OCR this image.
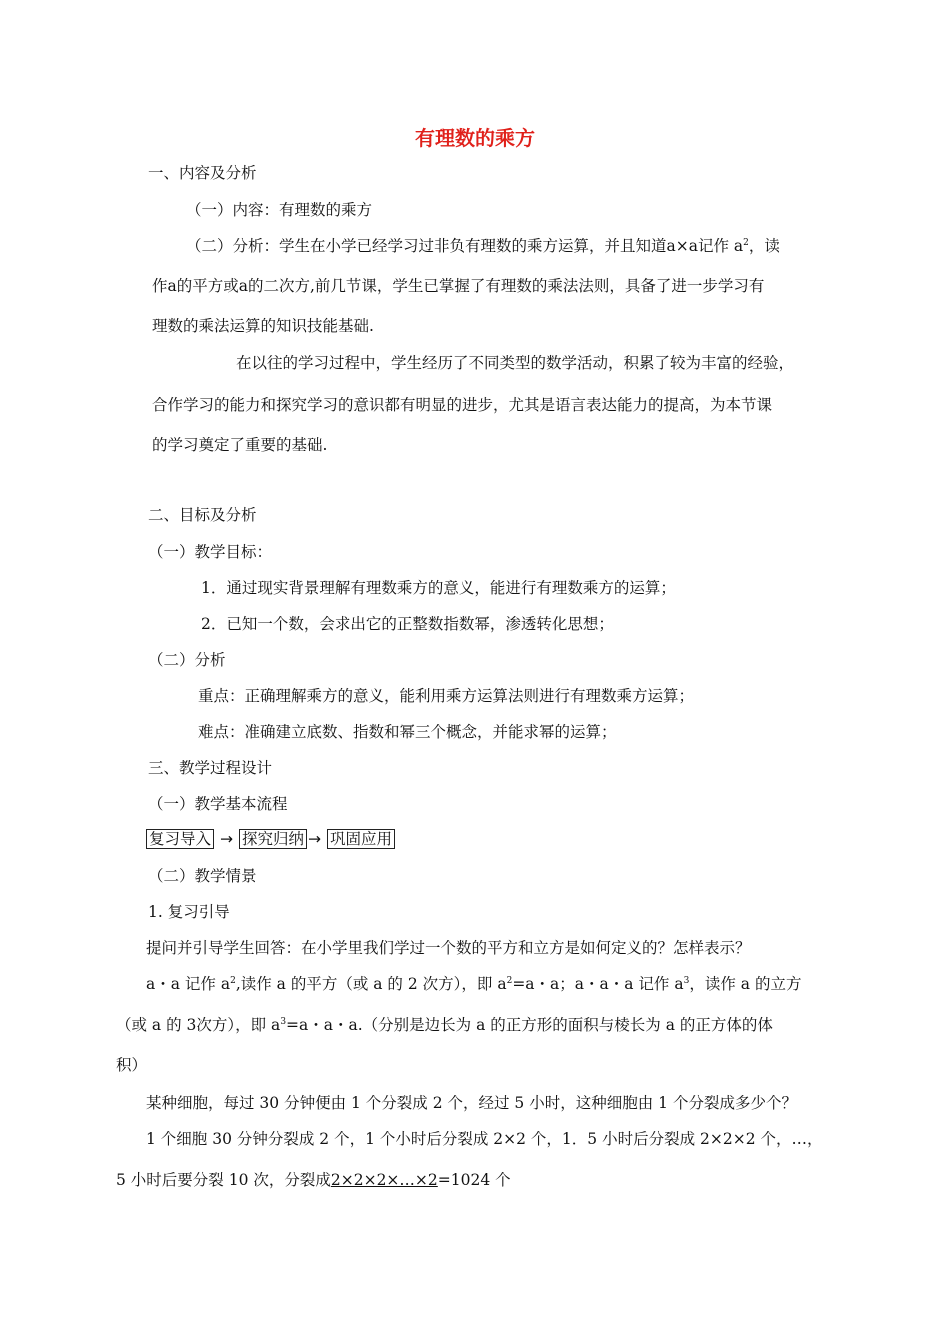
有理数的乘方
一、内容及分析
（一）内容：有理数的乘方
（二）分析：学生在小学已经学习过非负有理数的乘方运算，并且知道a×a记作 $a^2$，读
作a的平方或a的二次方,前几节课，学生已掌握了有理数的乘法法则，具备了进一步学习有
理数的乘法运算的知识技能基础.
在以往的学习过程中，学生经历了不同类型的数学活动，积累了较为丰富的经验，
合作学习的能力和探究学习的意识都有明显的进步，尤其是语言表达能力的提高，为本节课
的学习奠定了重要的基础.
二、目标及分析
（一）教学目标：
1．通过现实背景理解有理数乘方的意义，能进行有理数乘方的运算；
2．已知一个数，会求出它的正整数指数幂，渗透转化思想；
（二）分析
重点：正确理解乘方的意义，能利用乘方运算法则进行有理数乘方运算；
难点：准确建立底数、指数和幂三个概念，并能求幂的运算；
三、教学过程设计
（一）教学基本流程
复习导入 → 探究归纳 → 巩固应用
（二）教学情景
1. 复习引导
提问并引导学生回答：在小学里我们学过一个数的平方和立方是如何定义的？怎样表示？
a・a 记作 $a^2$,读作 a 的平方（或 a 的 2 次方），即 $a^2=a$・a；a・a・a 记作 $a^3$，读作 a 的立方
（或 a 的 3次方），即 $a^3=a$・a・a.（分别是边长为 a 的正方形的面积与棱长为 a 的正方体的体
积）
某种细胞，每过 30 分钟便由 1 个分裂成 2 个，经过 5 小时，这种细胞由 1 个分裂成多少个？
1 个细胞 30 分钟分裂成 2 个，1 个小时后分裂成 2×2 个，1．5 小时后分裂成 2×2×2 个，…，
5 小时后要分裂 10 次，分裂成2×2×2×…×2=1024 个
